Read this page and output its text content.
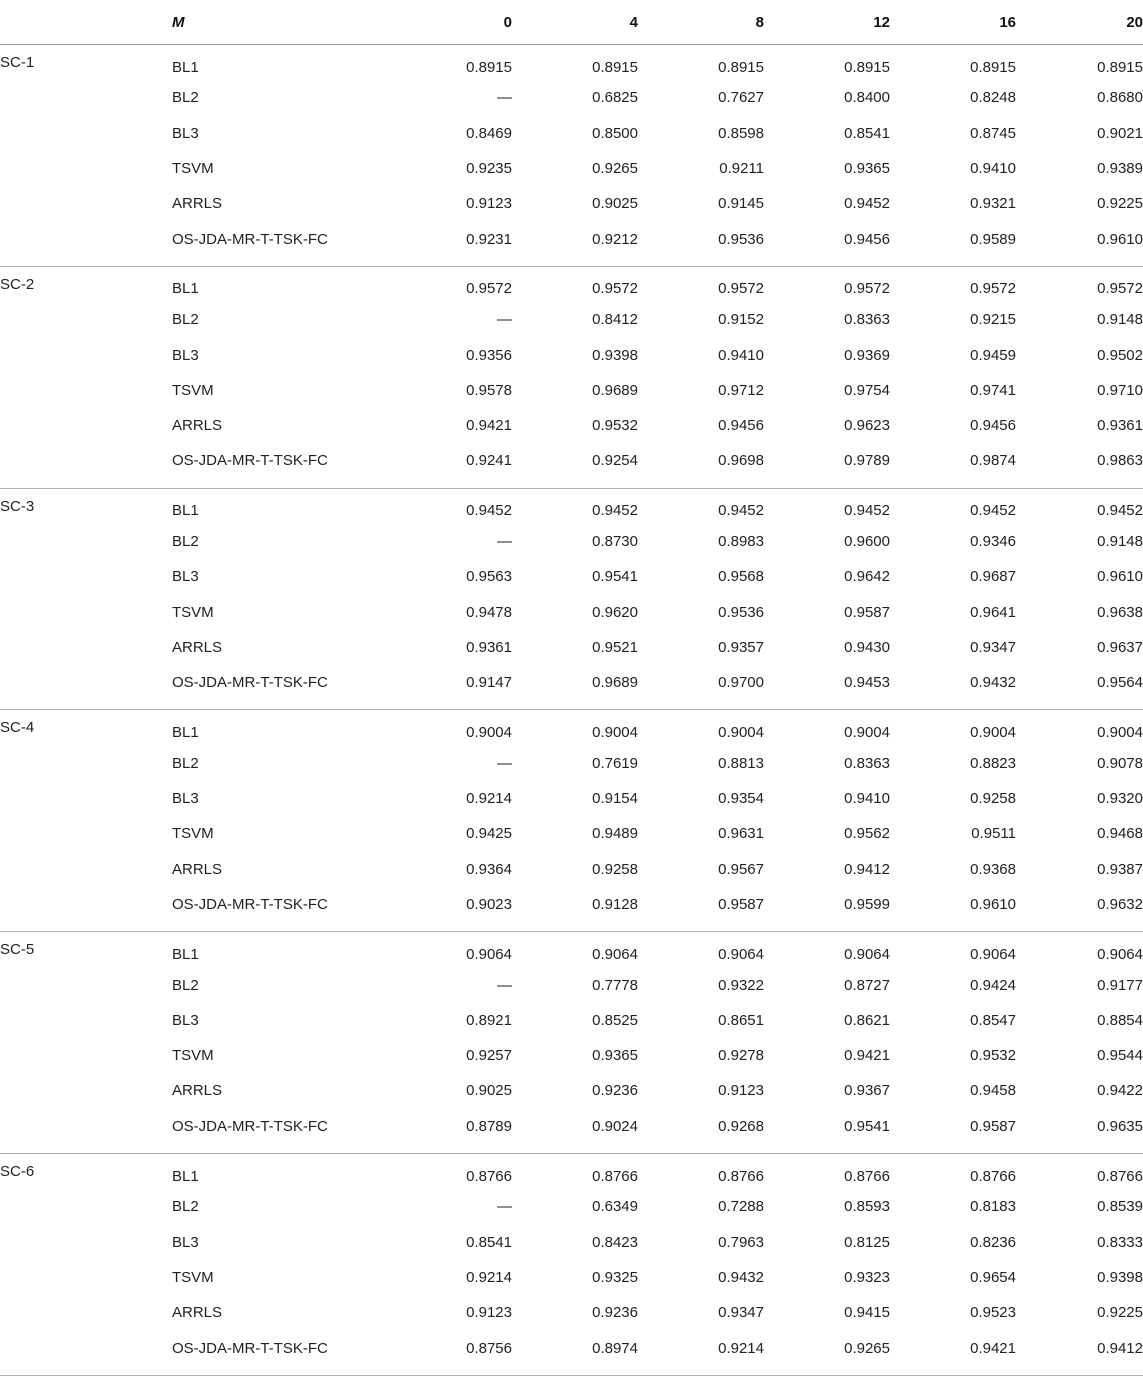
	M	0	4	8	12	16	20
SC-1	BL1	0.8915	0.8915	0.8915	0.8915	0.8915	0.8915
	BL2	—	0.6825	0.7627	0.8400	0.8248	0.8680
	BL3	0.8469	0.8500	0.8598	0.8541	0.8745	0.9021
	TSVM	0.9235	0.9265	0.9211	0.9365	0.9410	0.9389
	ARRLS	0.9123	0.9025	0.9145	0.9452	0.9321	0.9225
	OS-JDA-MR-T-TSK-FC	0.9231	0.9212	0.9536	0.9456	0.9589	0.9610
SC-2	BL1	0.9572	0.9572	0.9572	0.9572	0.9572	0.9572
	BL2	—	0.8412	0.9152	0.8363	0.9215	0.9148
	BL3	0.9356	0.9398	0.9410	0.9369	0.9459	0.9502
	TSVM	0.9578	0.9689	0.9712	0.9754	0.9741	0.9710
	ARRLS	0.9421	0.9532	0.9456	0.9623	0.9456	0.9361
	OS-JDA-MR-T-TSK-FC	0.9241	0.9254	0.9698	0.9789	0.9874	0.9863
SC-3	BL1	0.9452	0.9452	0.9452	0.9452	0.9452	0.9452
	BL2	—	0.8730	0.8983	0.9600	0.9346	0.9148
	BL3	0.9563	0.9541	0.9568	0.9642	0.9687	0.9610
	TSVM	0.9478	0.9620	0.9536	0.9587	0.9641	0.9638
	ARRLS	0.9361	0.9521	0.9357	0.9430	0.9347	0.9637
	OS-JDA-MR-T-TSK-FC	0.9147	0.9689	0.9700	0.9453	0.9432	0.9564
SC-4	BL1	0.9004	0.9004	0.9004	0.9004	0.9004	0.9004
	BL2	—	0.7619	0.8813	0.8363	0.8823	0.9078
	BL3	0.9214	0.9154	0.9354	0.9410	0.9258	0.9320
	TSVM	0.9425	0.9489	0.9631	0.9562	0.9511	0.9468
	ARRLS	0.9364	0.9258	0.9567	0.9412	0.9368	0.9387
	OS-JDA-MR-T-TSK-FC	0.9023	0.9128	0.9587	0.9599	0.9610	0.9632
SC-5	BL1	0.9064	0.9064	0.9064	0.9064	0.9064	0.9064
	BL2	—	0.7778	0.9322	0.8727	0.9424	0.9177
	BL3	0.8921	0.8525	0.8651	0.8621	0.8547	0.8854
	TSVM	0.9257	0.9365	0.9278	0.9421	0.9532	0.9544
	ARRLS	0.9025	0.9236	0.9123	0.9367	0.9458	0.9422
	OS-JDA-MR-T-TSK-FC	0.8789	0.9024	0.9268	0.9541	0.9587	0.9635
SC-6	BL1	0.8766	0.8766	0.8766	0.8766	0.8766	0.8766
	BL2	—	0.6349	0.7288	0.8593	0.8183	0.8539
	BL3	0.8541	0.8423	0.7963	0.8125	0.8236	0.8333
	TSVM	0.9214	0.9325	0.9432	0.9323	0.9654	0.9398
	ARRLS	0.9123	0.9236	0.9347	0.9415	0.9523	0.9225
	OS-JDA-MR-T-TSK-FC	0.8756	0.8974	0.9214	0.9265	0.9421	0.9412
